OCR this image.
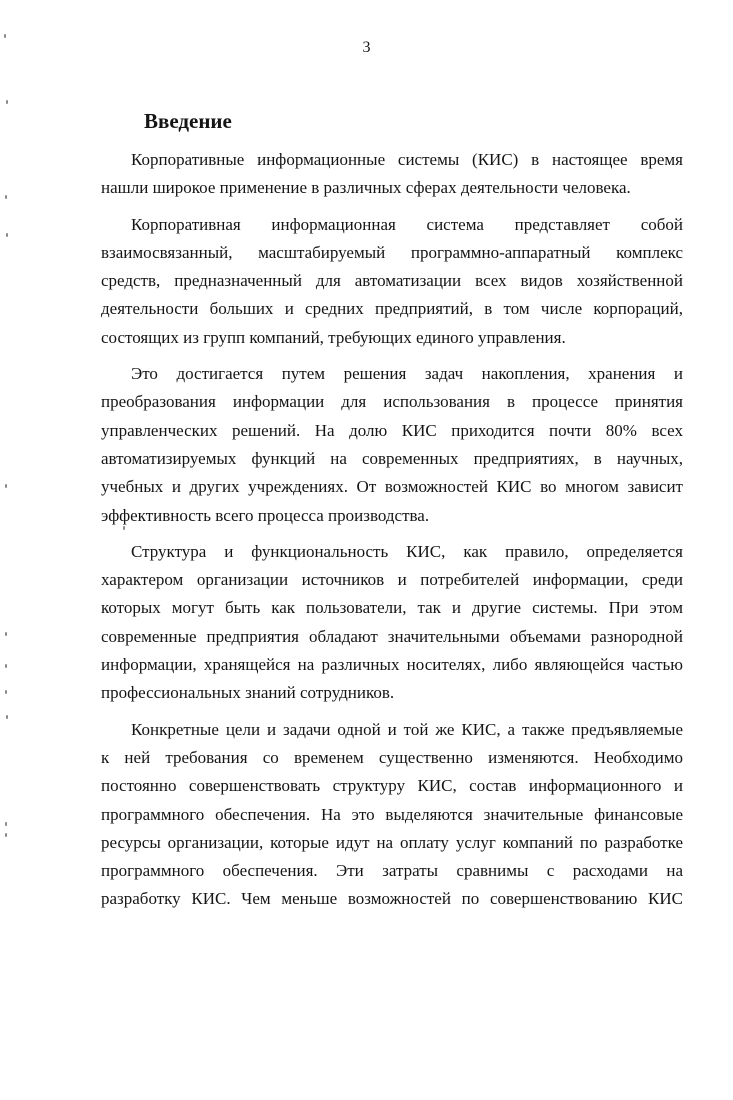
3
Введение

Корпоративные информационные системы (КИС) в настоящее время
нашли широкое применение в различных сферах деятельности человека.

Корпоративная информационная система представляет собой
взаимосвязанный, масштабируемый программно-аппаратный комплекс
средств, предназначенный для автоматизации всех видов хозяйственной
деятельности больших и средних предприятий, в том числе корпораций,
состоящих из групп компаний, требующих единого управления.

Это достигается путем решения задач накопления, хранения и
преобразования информации для использования в процессе принятия
управленческих решений. На долю КИС приходится почти 80% всех
автоматизируемых функций на современных предприятиях, в научных,
учебных и других учреждениях. От возможностей КИС во многом зависит
эффективность всего процесса производства.

Структура и функциональность КИС, как правило, определяется
характером организации источников и потребителей информации, среди
которых могут быть как пользователи, так и другие системы. При этом
современные предприятия обладают значительными объемами разнородной
информации, хранящейся на различных носителях, либо являющейся частью
профессиональных знаний сотрудников.

Конкретные цели и задачи одной и той же КИС, а также предъявляемые
к ней требования со временем существенно изменяются. Необходимо
постоянно совершенствовать структуру КИС, состав информационного и
программного обеспечения. На это выделяются значительные финансовые
ресурсы организации, которые идут на оплату услуг компаний по разработке
программного обеспечения. Эти затраты сравнимы с расходами на
разработку КИС. Чем меньше возможностей по совершенствованию КИС
